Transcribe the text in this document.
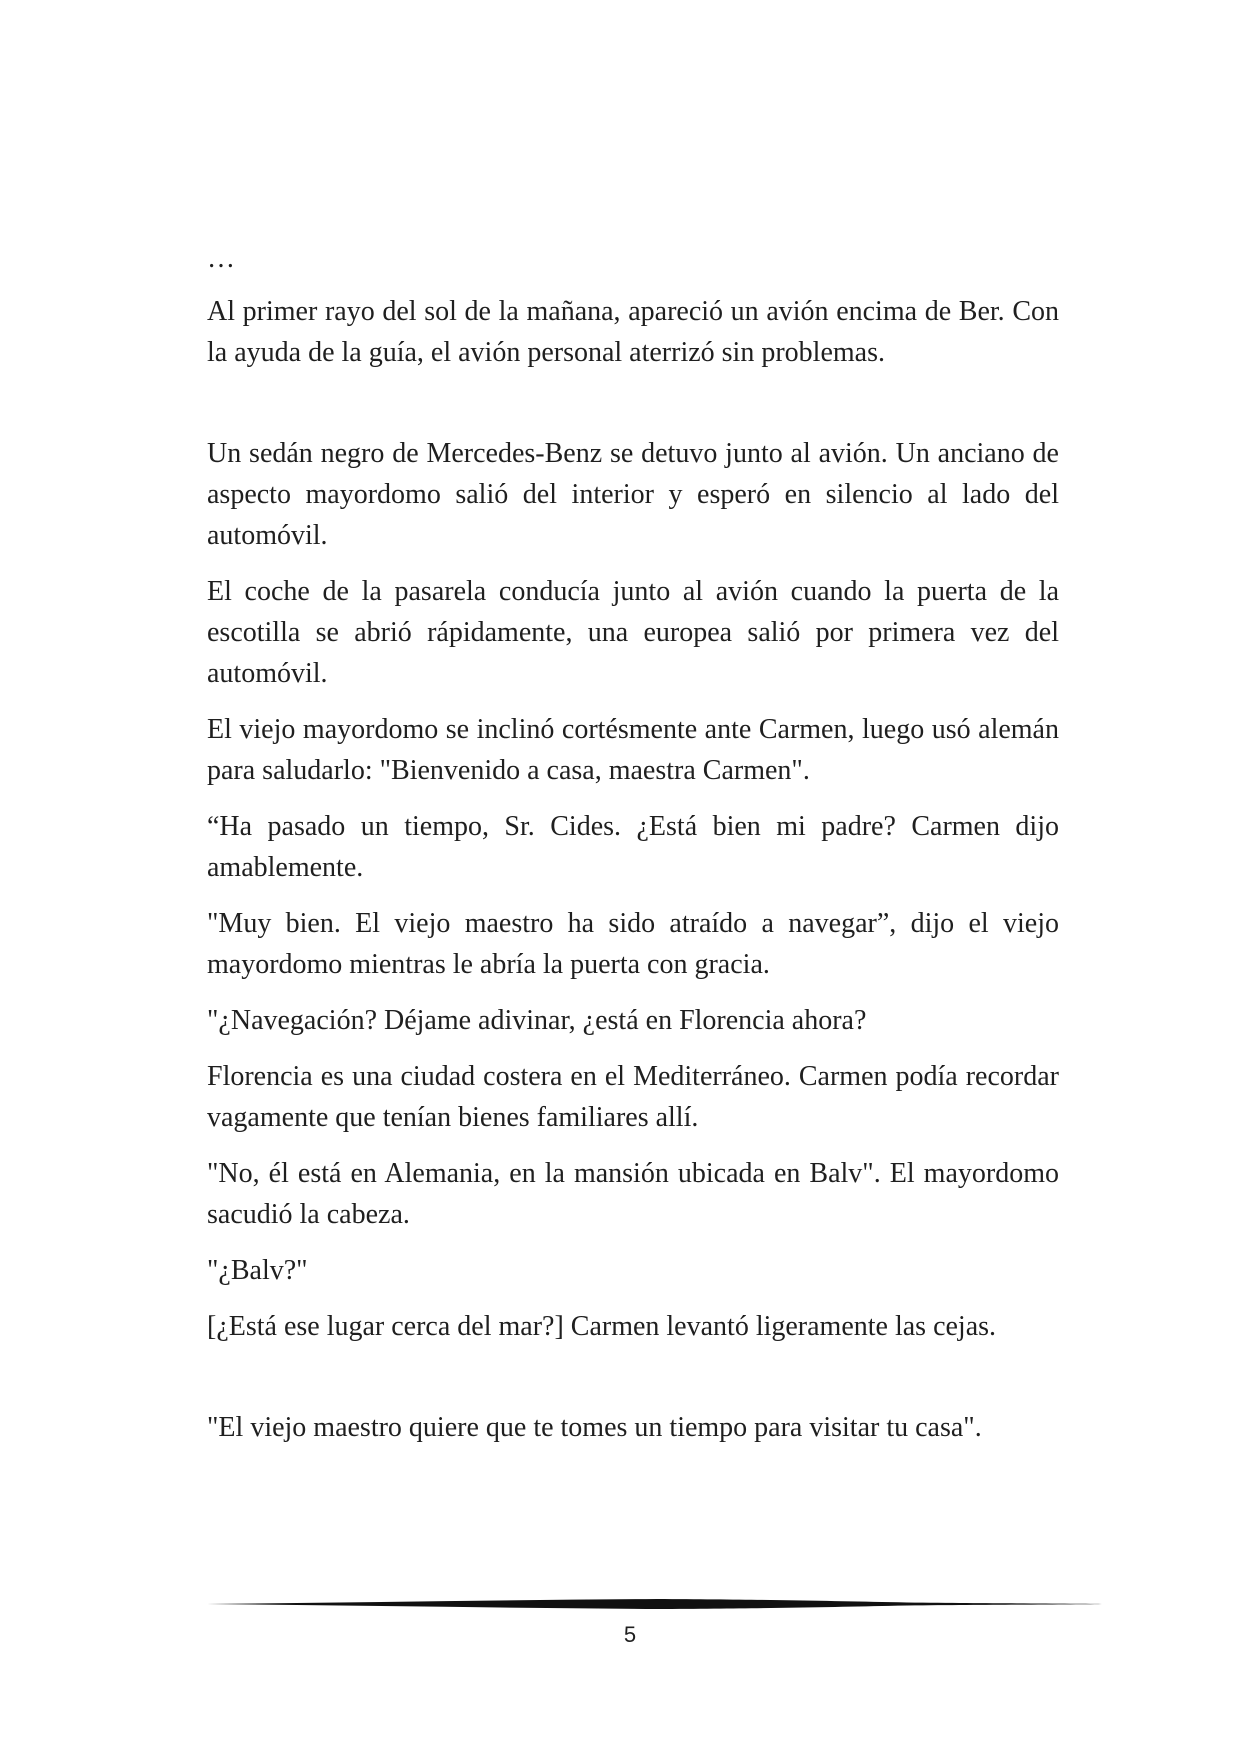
…

Al primer rayo del sol de la mañana, apareció un avión encima de Ber. Con la ayuda de la guía, el avión personal aterrizó sin problemas.

Un sedán negro de Mercedes-Benz se detuvo junto al avión. Un anciano de aspecto mayordomo salió del interior y esperó en silencio al lado del automóvil.

El coche de la pasarela conducía junto al avión cuando la puerta de la escotilla se abrió rápidamente, una europea salió por primera vez del automóvil.

El viejo mayordomo se inclinó cortésmente ante Carmen, luego usó alemán para saludarlo: "Bienvenido a casa, maestra Carmen".

“Ha pasado un tiempo, Sr. Cides. ¿Está bien mi padre? Carmen dijo amablemente.

"Muy bien. El viejo maestro ha sido atraído a navegar”, dijo el viejo mayordomo mientras le abría la puerta con gracia.

"¿Navegación? Déjame adivinar, ¿está en Florencia ahora?

Florencia es una ciudad costera en el Mediterráneo. Carmen podía recordar vagamente que tenían bienes familiares allí.

"No, él está en Alemania, en la mansión ubicada en Balv". El mayordomo sacudió la cabeza.

"¿Balv?"

[¿Está ese lugar cerca del mar?] Carmen levantó ligeramente las cejas.

"El viejo maestro quiere que te tomes un tiempo para visitar tu casa".

5
